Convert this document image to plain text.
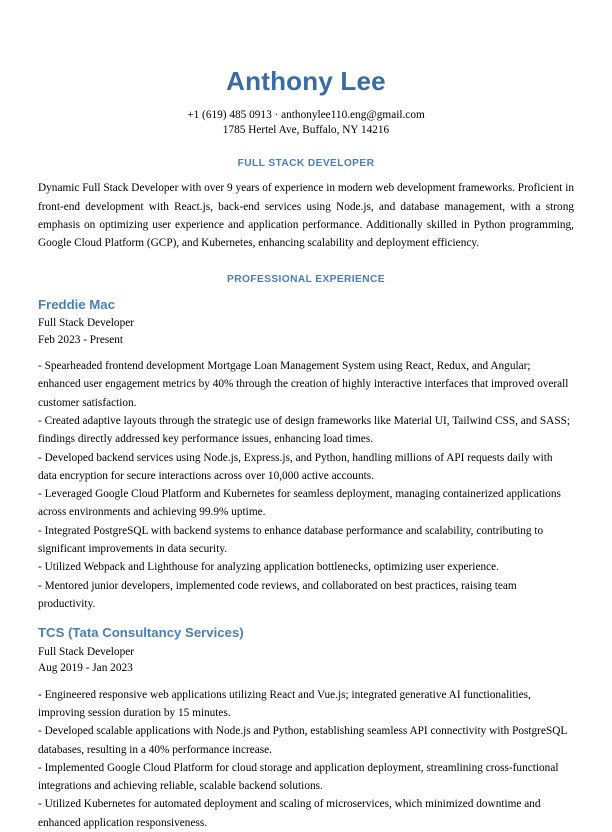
Anthony Lee

+1 (619) 485 0913 · anthonylee110.eng@gmail.com

1785 Hertel Ave, Buffalo, NY 14216

FULL STACK DEVELOPER

Dynamic Full Stack Developer with over 9 years of experience in modern web development frameworks. Proficient in front-end development with React.js, back-end services using Node.js, and database management, with a strong emphasis on optimizing user experience and application performance. Additionally skilled in Python programming, Google Cloud Platform (GCP), and Kubernetes, enhancing scalability and deployment efficiency.

PROFESSIONAL EXPERIENCE
Freddie Mac

Full Stack Developer

Feb 2023 - Present

- Spearheaded frontend development Mortgage Loan Management System using React, Redux, and Angular; enhanced user engagement metrics by 40% through the creation of highly interactive interfaces that improved overall customer satisfaction.

- Created adaptive layouts through the strategic use of design frameworks like Material UI, Tailwind CSS, and SASS; findings directly addressed key performance issues, enhancing load times.

- Developed backend services using Node.js, Express.js, and Python, handling millions of API requests daily with data encryption for secure interactions across over 10,000 active accounts.

- Leveraged Google Cloud Platform and Kubernetes for seamless deployment, managing containerized applications across environments and achieving 99.9% uptime.

- Integrated PostgreSQL with backend systems to enhance database performance and scalability, contributing to significant improvements in data security.

- Utilized Webpack and Lighthouse for analyzing application bottlenecks, optimizing user experience.

- Mentored junior developers, implemented code reviews, and collaborated on best practices, raising team productivity.

TCS (Tata Consultancy Services)

Full Stack Developer

Aug 2019 - Jan 2023

- Engineered responsive web applications utilizing React and Vue.js; integrated generative AI functionalities, improving session duration by 15 minutes.

- Developed scalable applications with Node.js and Python, establishing seamless API connectivity with PostgreSQL databases, resulting in a 40% performance increase.

- Implemented Google Cloud Platform for cloud storage and application deployment, streamlining cross-functional integrations and achieving reliable, scalable backend solutions.

- Utilized Kubernetes for automated deployment and scaling of microservices, which minimized downtime and enhanced application responsiveness.
